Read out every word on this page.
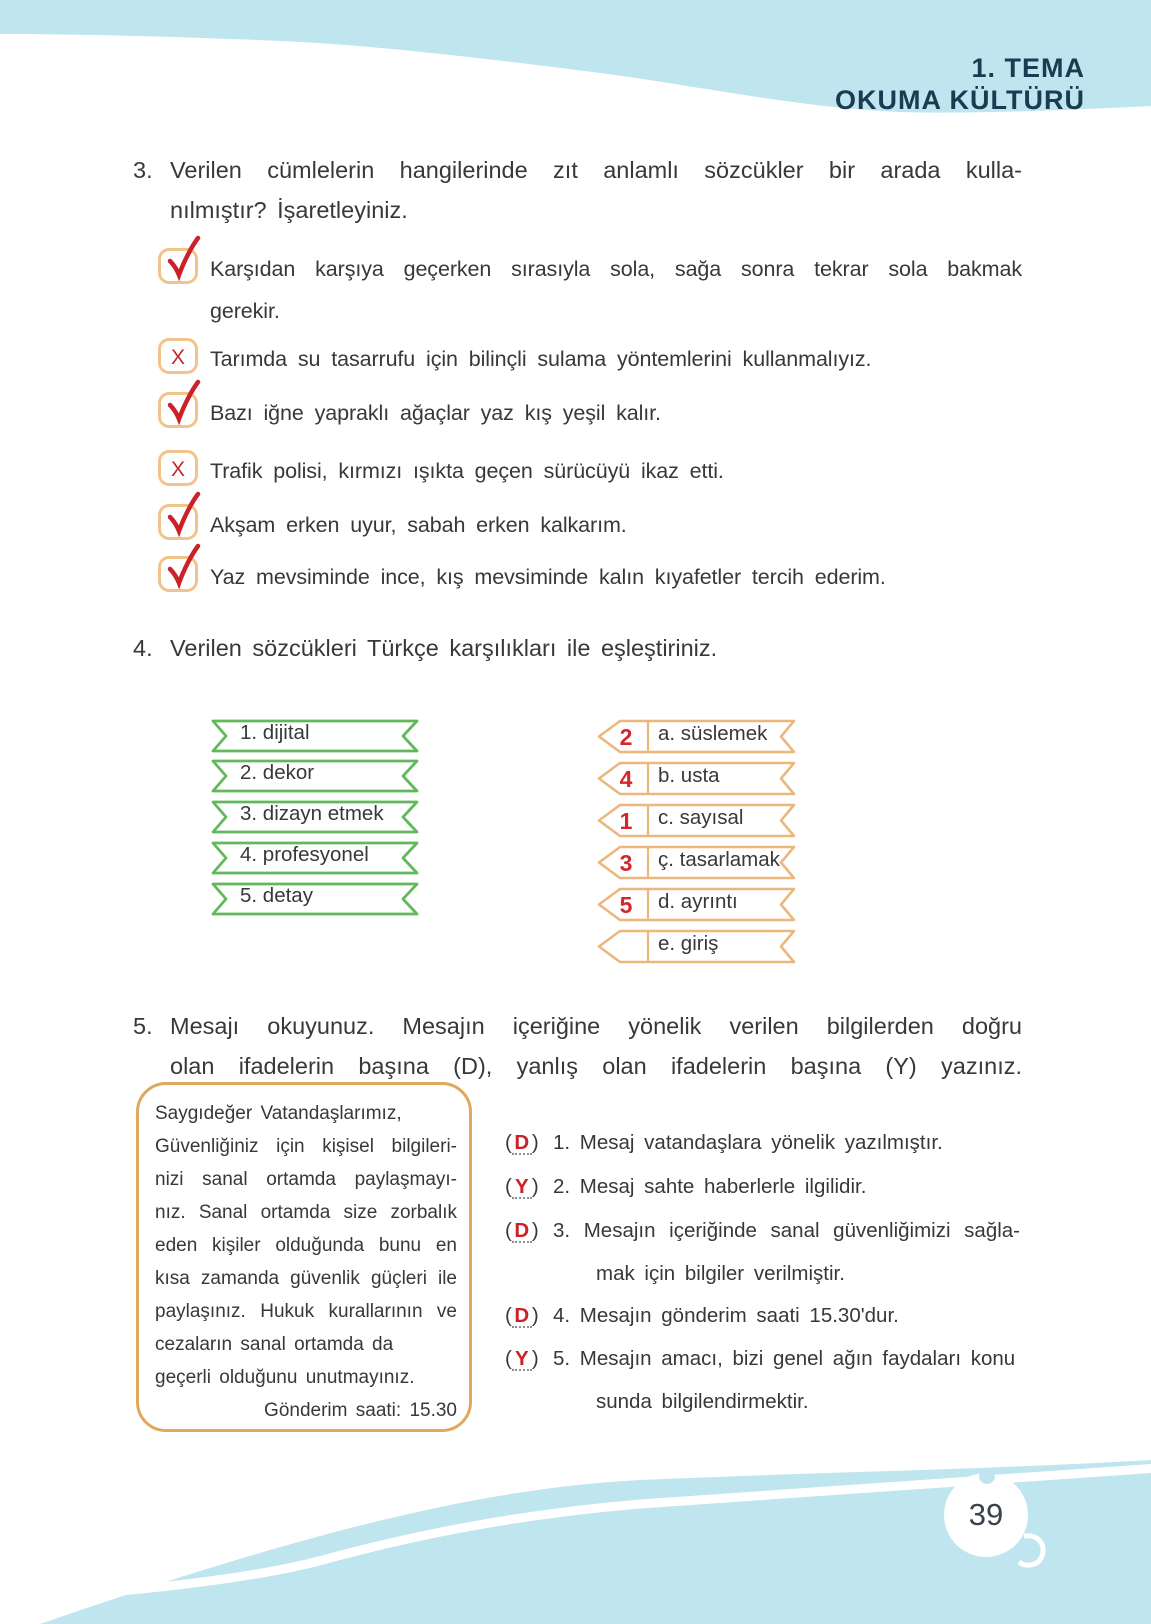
1. TEMA
OKUMA KÜLTÜRÜ
3. Verilen cümlelerin hangilerinde zıt anlamlı sözcükler bir arada kulla-
nılmıştır? İşaretleyiniz.
Karşıdan karşıya geçerken sırasıyla sola, sağa sonra tekrar sola bakmak
gerekir.
X	Tarımda su tasarrufu için bilinçli sulama yöntemlerini kullanmalıyız.
Bazı iğne yapraklı ağaçlar yaz kış yeşil kalır.
X	Trafik polisi, kırmızı ışıkta geçen sürücüyü ikaz etti.
Akşam erken uyur, sabah erken kalkarım.
Yaz mevsiminde ince, kış mevsiminde kalın kıyafetler tercih ederim.
4. Verilen sözcükleri Türkçe karşılıkları ile eşleştiriniz.
1. dijital
2. dekor
3. dizayn etmek
4. profesyonel
5. detay
2	a. süslemek
4	b. usta
1	c. sayısal
3	ç. tasarlamak
5	d. ayrıntı
e. giriş
5. Mesajı okuyunuz. Mesajın içeriğine yönelik verilen bilgilerden doğru
olan ifadelerin başına (D), yanlış olan ifadelerin başına (Y) yazınız.
Saygıdeğer Vatandaşlarımız,
Güvenliğiniz için kişisel bilgileri-
nizi sanal ortamda paylaşmayı-
nız. Sanal ortamda size zorbalık
eden kişiler olduğunda bunu en
kısa zamanda güvenlik güçleri ile
paylaşınız. Hukuk kurallarının ve
cezaların sanal ortamda da
geçerli olduğunu unutmayınız.
Gönderim saati: 15.30
( D ) 1. Mesaj vatandaşlara yönelik yazılmıştır.
( Y ) 2. Mesaj sahte haberlerle ilgilidir.
( D ) 3. Mesajın içeriğinde sanal güvenliğimizi sağla-
mak için bilgiler verilmiştir.
( D ) 4. Mesajın gönderim saati 15.30'dur.
( Y ) 5. Mesajın amacı, bizi genel ağın faydaları konu
sunda bilgilendirmektir.
39
